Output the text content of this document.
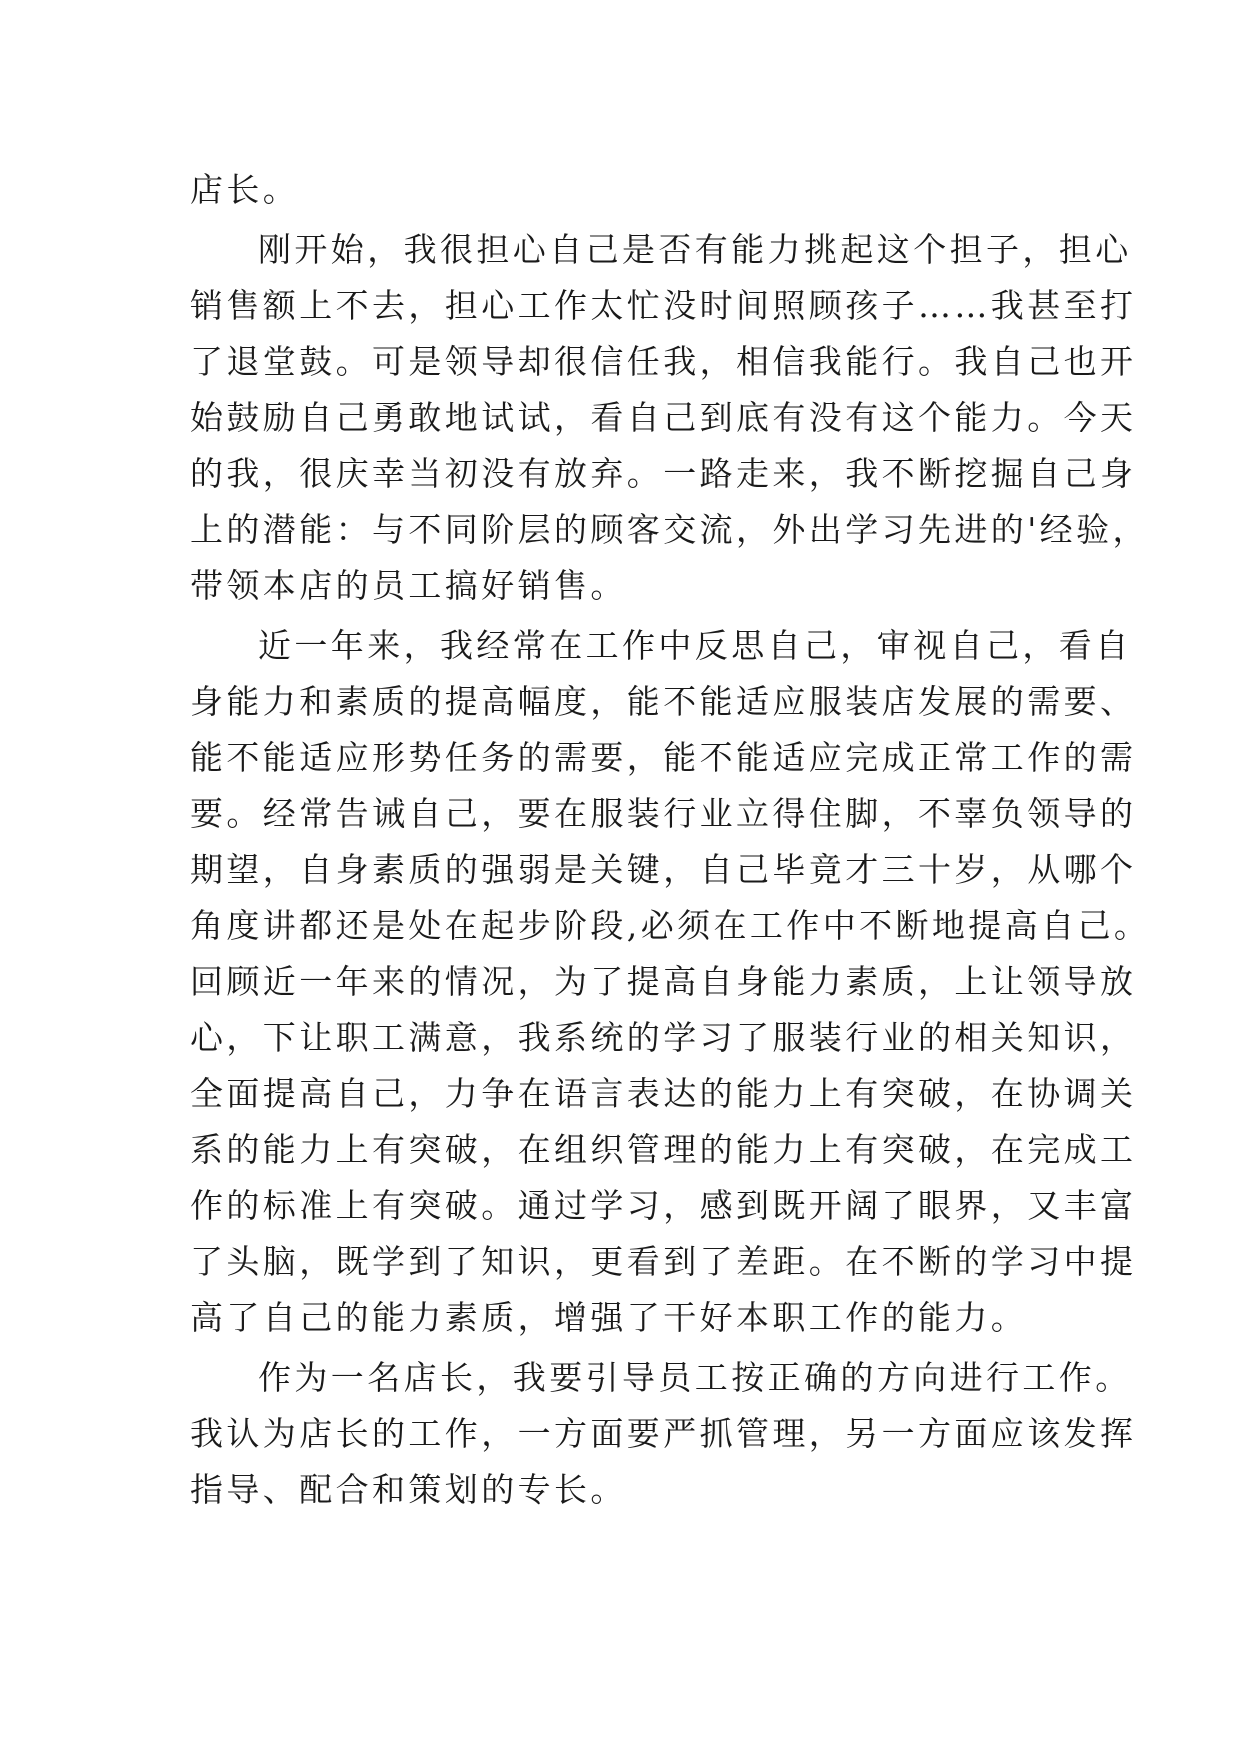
店长。
刚开始，我很担心自己是否有能力挑起这个担子，担心
销售额上不去，担心工作太忙没时间照顾孩子……我甚至打
了退堂鼓。可是领导却很信任我，相信我能行。我自己也开
始鼓励自己勇敢地试试，看自己到底有没有这个能力。今天
的我，很庆幸当初没有放弃。一路走来，我不断挖掘自己身
上的潜能：与不同阶层的顾客交流，外出学习先进的'经验，
带领本店的员工搞好销售。
近一年来，我经常在工作中反思自己，审视自己，看自
身能力和素质的提高幅度，能不能适应服装店发展的需要、
能不能适应形势任务的需要，能不能适应完成正常工作的需
要。经常告诫自己，要在服装行业立得住脚，不辜负领导的
期望，自身素质的强弱是关键，自己毕竟才三十岁，从哪个
角度讲都还是处在起步阶段,必须在工作中不断地提高自己。
回顾近一年来的情况，为了提高自身能力素质，上让领导放
心，下让职工满意，我系统的学习了服装行业的相关知识，
全面提高自己，力争在语言表达的能力上有突破，在协调关
系的能力上有突破，在组织管理的能力上有突破，在完成工
作的标准上有突破。通过学习，感到既开阔了眼界，又丰富
了头脑，既学到了知识，更看到了差距。在不断的学习中提
高了自己的能力素质，增强了干好本职工作的能力。
作为一名店长，我要引导员工按正确的方向进行工作。
我认为店长的工作，一方面要严抓管理，另一方面应该发挥
指导、配合和策划的专长。
